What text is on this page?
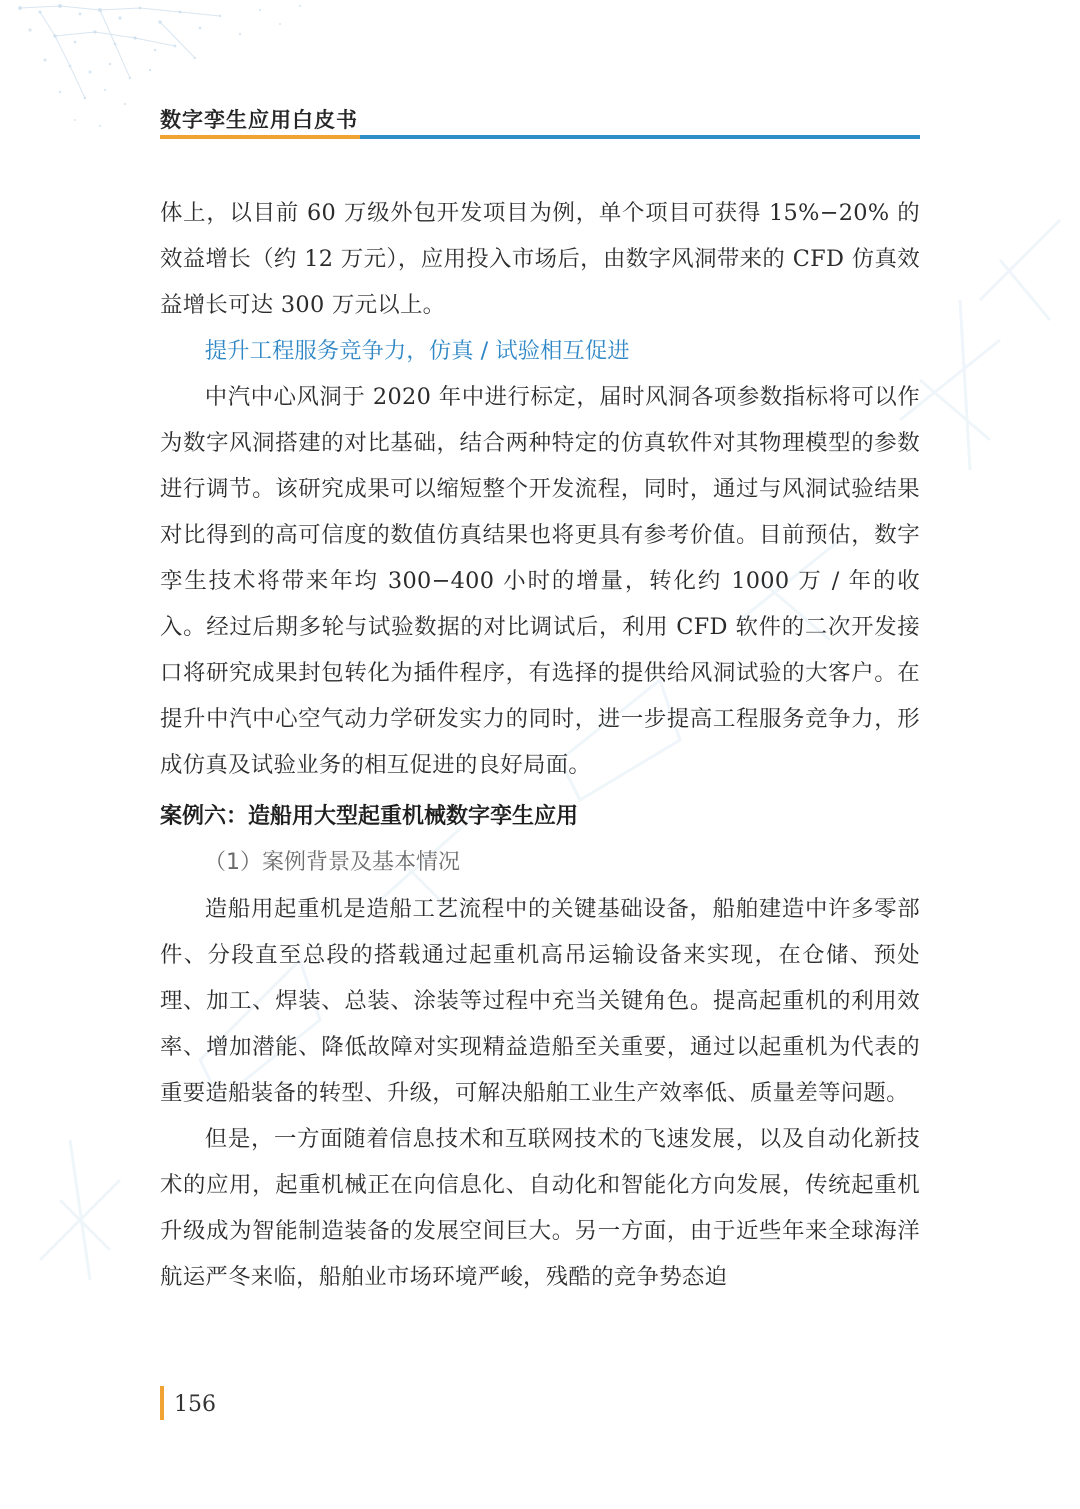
数字孪生应用白皮书

体上，以目前 60 万级外包开发项目为例，单个项目可获得 15%−20% 的效益增长（约 12 万元），应用投入市场后，由数字风洞带来的 CFD 仿真效益增长可达 300 万元以上。

提升工程服务竞争力，仿真 / 试验相互促进

中汽中心风洞于 2020 年中进行标定，届时风洞各项参数指标将可以作为数字风洞搭建的对比基础，结合两种特定的仿真软件对其物理模型的参数进行调节。该研究成果可以缩短整个开发流程，同时，通过与风洞试验结果对比得到的高可信度的数值仿真结果也将更具有参考价值。目前预估，数字孪生技术将带来年均 300−400 小时的增量，转化约 1000 万 / 年的收入。经过后期多轮与试验数据的对比调试后，利用 CFD 软件的二次开发接口将研究成果封包转化为插件程序，有选择的提供给风洞试验的大客户。在提升中汽中心空气动力学研发实力的同时，进一步提高工程服务竞争力，形成仿真及试验业务的相互促进的良好局面。

案例六：造船用大型起重机械数字孪生应用

（1）案例背景及基本情况

造船用起重机是造船工艺流程中的关键基础设备，船舶建造中许多零部件、分段直至总段的搭载通过起重机高吊运输设备来实现，在仓储、预处理、加工、焊装、总装、涂装等过程中充当关键角色。提高起重机的利用效率、增加潜能、降低故障对实现精益造船至关重要，通过以起重机为代表的重要造船装备的转型、升级，可解决船舶工业生产效率低、质量差等问题。

但是，一方面随着信息技术和互联网技术的飞速发展，以及自动化新技术的应用，起重机械正在向信息化、自动化和智能化方向发展，传统起重机升级成为智能制造装备的发展空间巨大。另一方面，由于近些年来全球海洋航运严冬来临，船舶业市场环境严峻，残酷的竞争势态迫

156
